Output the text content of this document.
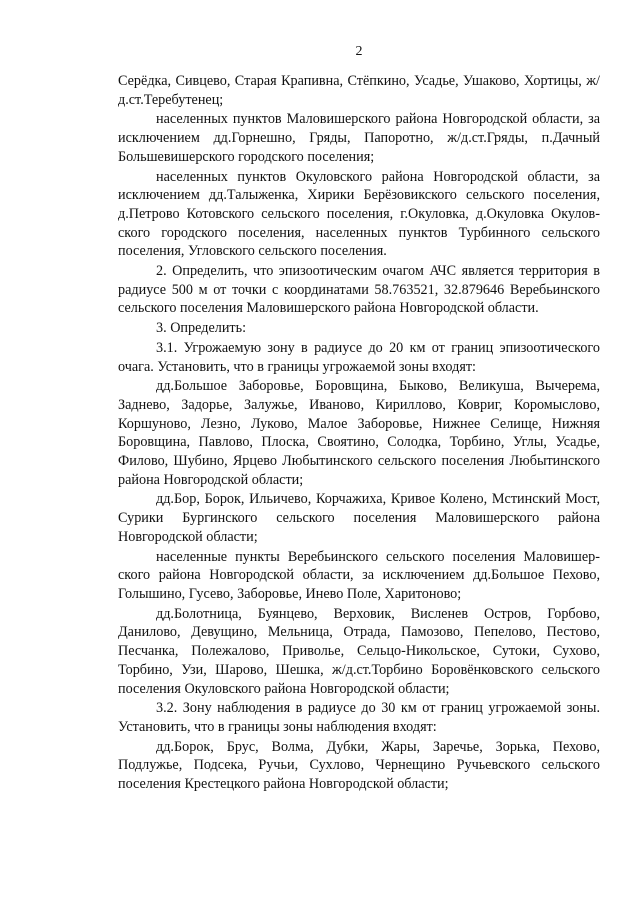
2

Серёдка, Сивцево, Старая Крапивна, Стёпкино, Усадье, Ушаково, Хортицы, ж/д.ст.Теребутенец;

населенных пунктов Маловишерского района Новгородской области, за исключением дд.Горнешно, Гряды, Папоротно, ж/д.ст.Гряды, п.Дачный Большевишерского городского поселения;

населенных пунктов Окуловского района Новгородской области, за исключением дд.Талыженка, Хирики Берёзовикского сельского поселения, д.Петрово Котовского сельского поселения, г.Окуловка, д.Окуловка Окуловского городского поселения, населенных пунктов Турбинного сельского поселения, Угловского сельского поселения.

2. Определить, что эпизоотическим очагом АЧС является территория в радиусе 500 м от точки с координатами 58.763521, 32.879646 Веребьинского сельского поселения Маловишерского района Новгородской области.

3. Определить:

3.1. Угрожаемую зону в радиусе до 20 км от границ эпизоотического очага. Установить, что в границы угрожаемой зоны входят:

дд.Большое Заборовье, Боровщина, Быково, Великуша, Вычерема, Заднево, Задорье, Залужье, Иваново, Кириллово, Ковриг, Коромыслово, Коршуново, Лезно, Луково, Малое Заборовье, Нижнее Селище, Нижняя Боровщина, Павлово, Плоска, Своятино, Солодка, Торбино, Углы, Усадье, Филово, Шубино, Ярцево Любытинского сельского поселения Любытинского района Новгородской области;

дд.Бор, Борок, Ильичево, Корчажиха, Кривое Колено, Мстинский Мост, Сурики Бургинского сельского поселения Маловишерского района Новгородской области;

населенные пункты Веребьинского сельского поселения Маловишерского района Новгородской области, за исключением дд.Большое Пехово, Голышино, Гусево, Заборовье, Инево Поле, Харитоново;

дд.Болотница, Буянцево, Верховик, Висленев Остров, Горбово, Данилово, Девущино, Мельница, Отрада, Памозово, Пепелово, Пестово, Песчанка, Полежалово, Приволье, Сельцо-Никольское, Сутоки, Сухово, Торбино, Узи, Шарово, Шешка, ж/д.ст.Торбино Боровёнковского сельского поселения Окуловского района Новгородской области;

3.2. Зону наблюдения в радиусе до 30 км от границ угрожаемой зоны. Установить, что в границы зоны наблюдения входят:

дд.Борок, Брус, Волма, Дубки, Жары, Заречье, Зорька, Пехово, Подлужье, Подсека, Ручьи, Сухлово, Чернещино Ручьевского сельского поселения Крестецкого района Новгородской области;
